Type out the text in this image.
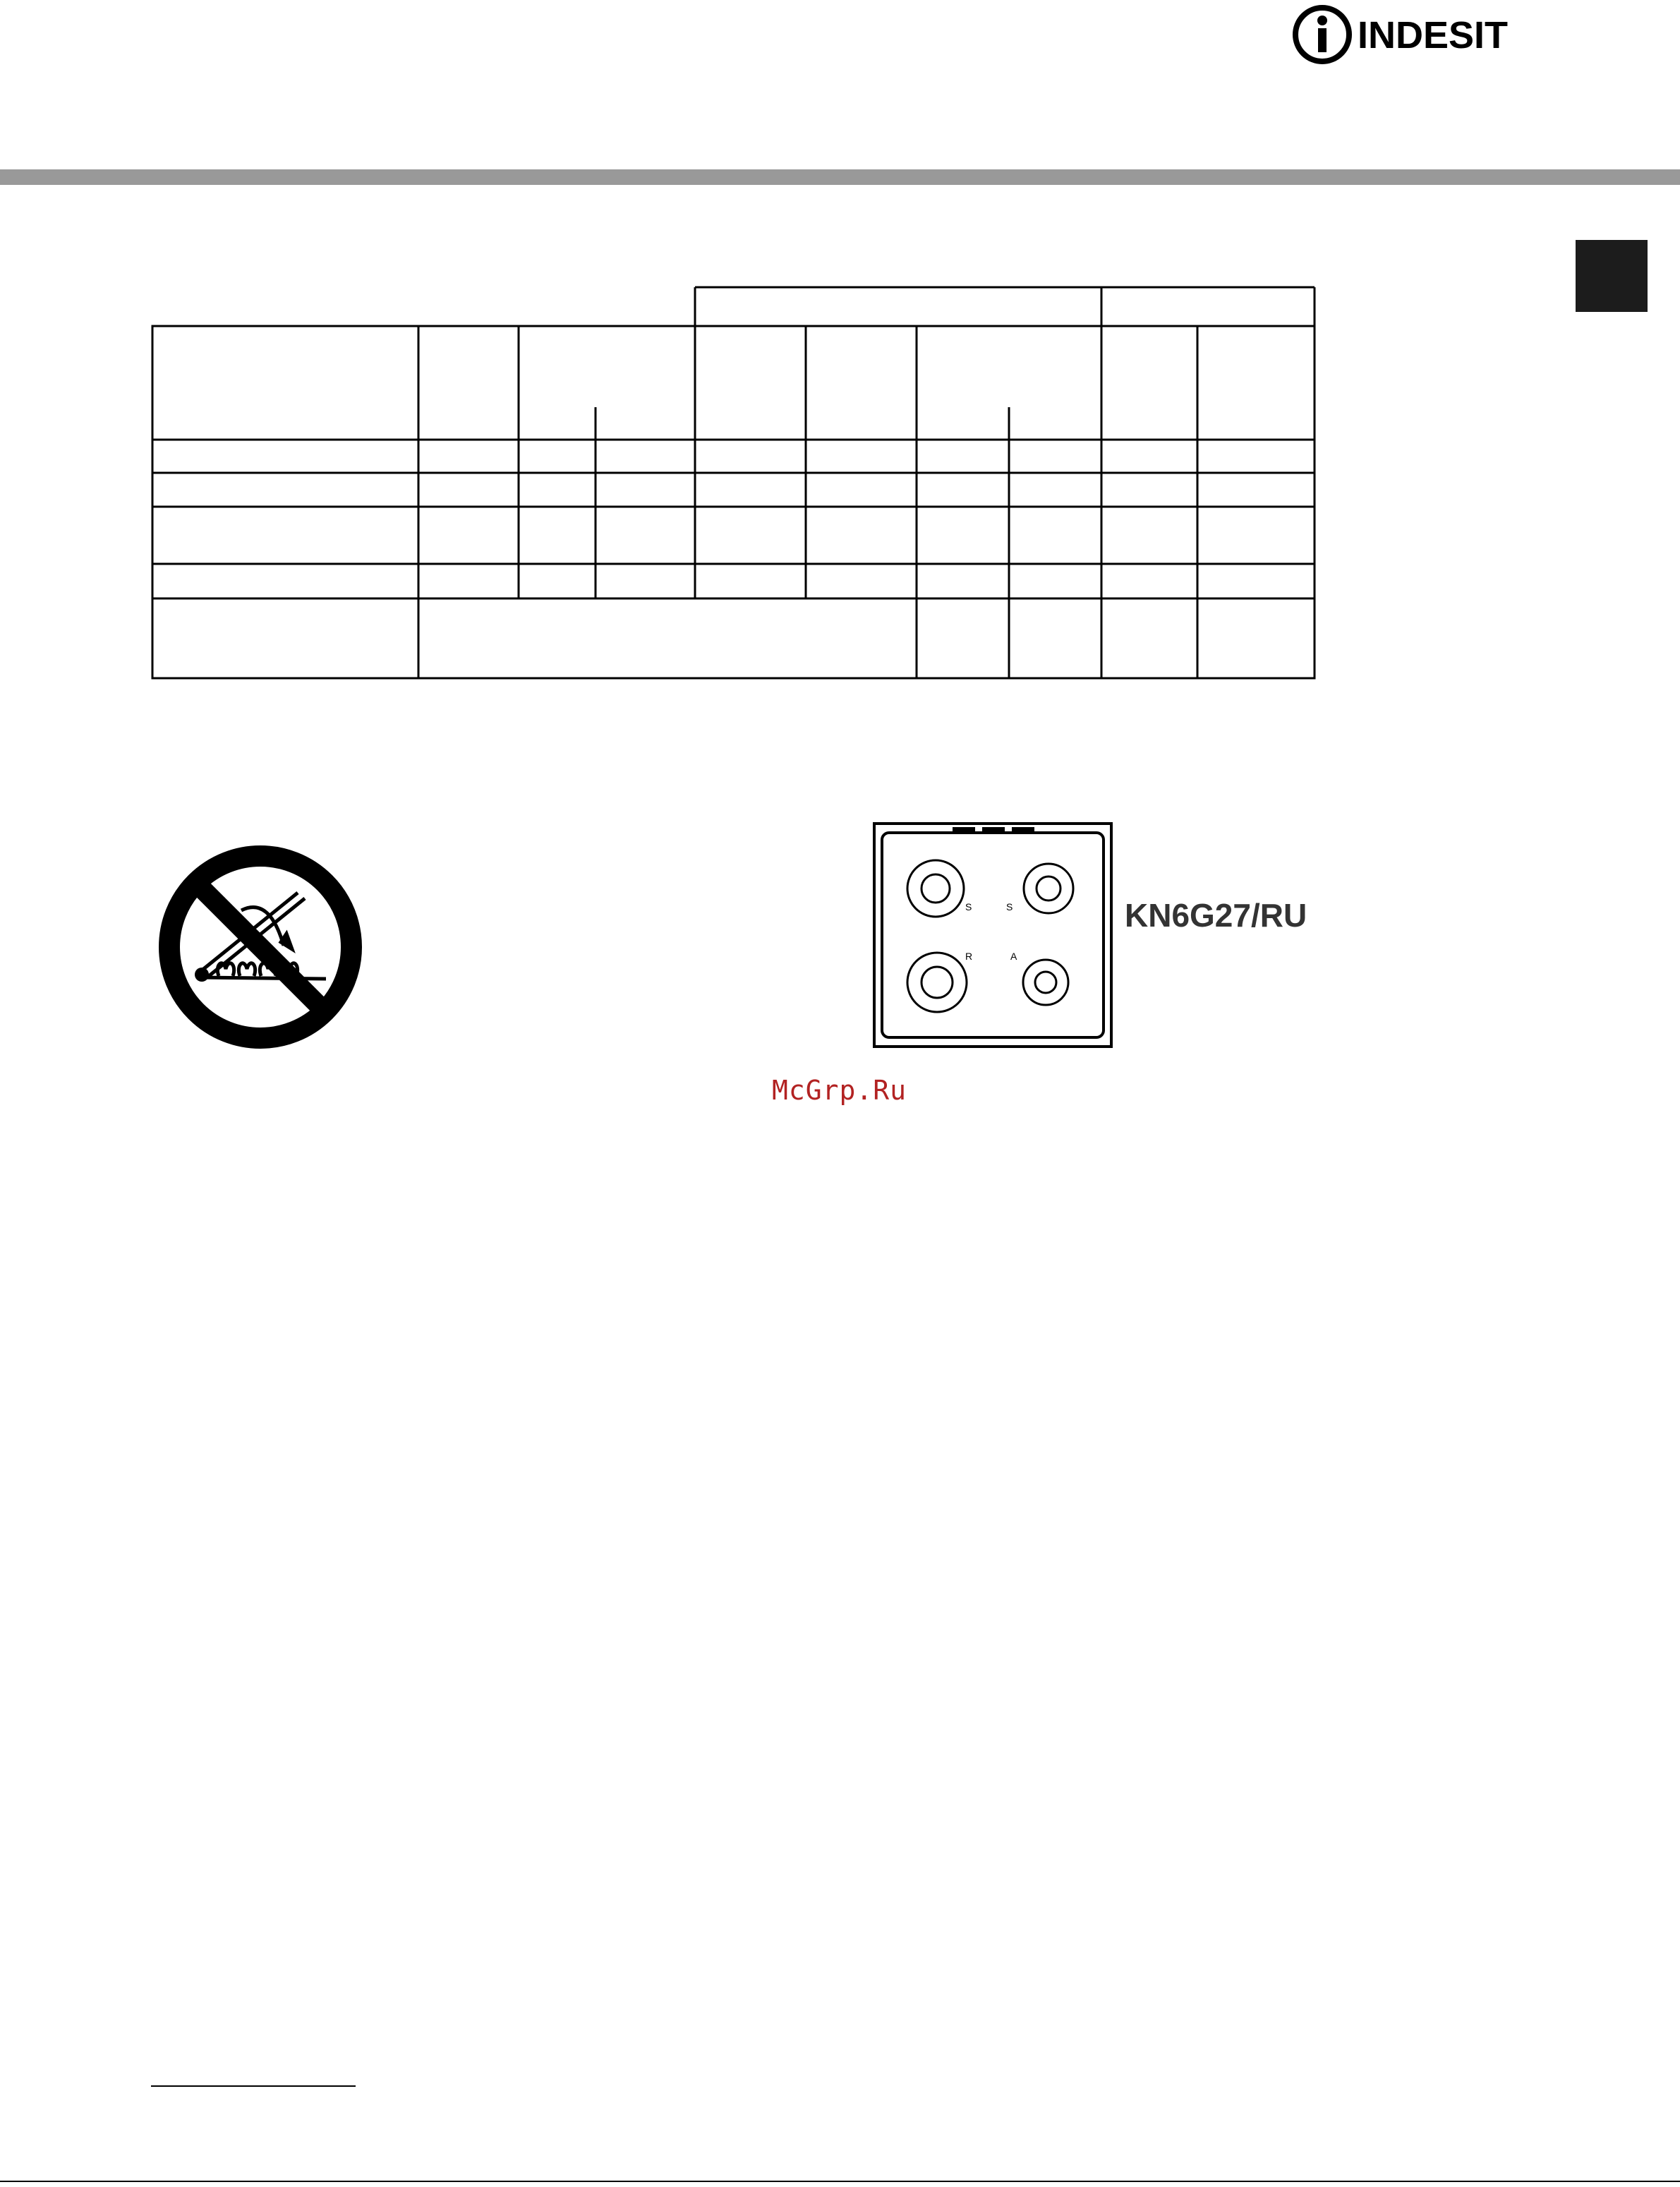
INDESIT
S	S
R	A
KN6G27/RU
McGrp.Ru
